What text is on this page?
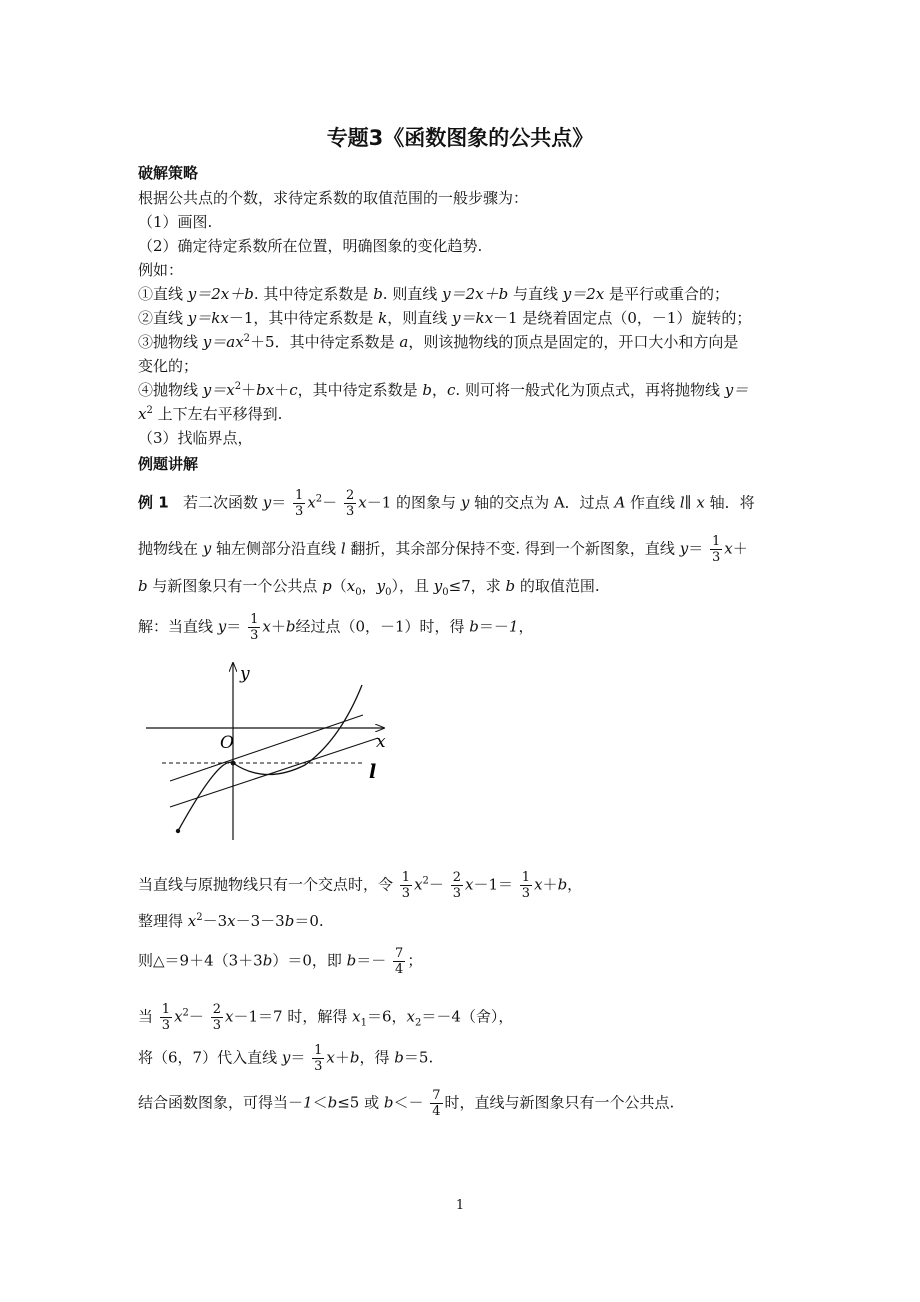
专题3《函数图象的公共点》
破解策略
根据公共点的个数，求待定系数的取值范围的一般步骤为：
（1）画图.
（2）确定待定系数所在位置，明确图象的变化趋势.
例如：
①直线 y＝2x＋b. 其中待定系数是 b. 则直线 y＝2x＋b 与直线 y＝2x 是平行或重合的；
②直线 y＝kx－1，其中待定系数是 k，则直线 y＝kx－1 是绕着固定点（0，－1）旋转的；
③抛物线 $y=ax^2+5$．其中待定系数是 a，则该抛物线的顶点是固定的，开口大小和方向是
变化的；
④抛物线 $y=x^2+bx+c$，其中待定系数是 b，c. 则可将一般式化为顶点式，再将抛物线 y＝
$x^2$ 上下左右平移得到.
（3）找临界点，
例题讲解
例 1 若二次函数 $y= \frac{1}{3} x^2- \frac{2}{3} x-1$ 的图象与 y 轴的交点为 A．过点 A 作直线 l∥ x 轴．将
抛物线在 y 轴左侧部分沿直线 l 翻折，其余部分保持不变. 得到一个新图象，直线 $y= \frac{1}{3} x+$
b 与新图象只有一个公共点 $p(x_0$，$y_0$），且 $y_0\le 7$，求 b 的取值范围.
解：当直线 $y= \frac{1}{3} x+b$经过点（0，－1）时，得 b＝－1，
y
x
O
l
当直线与原抛物线只有一个交点时，令 $\frac{1}{3} x^2- \frac{2}{3} x-1= \frac{1}{3} x+b$，
整理得 $x^2-3x-3-3b=0$.
则△＝9＋4（3＋3b）＝0，即 $b=- \frac{7}{4}$ ；
当 $\frac{1}{3} x^2- \frac{2}{3} x-1=7$ 时，解得 $x_1=6$，$x_2=-4$（舍），
将（6，7）代入直线 $y= \frac{1}{3} x+b$，得 b＝5.
结合函数图象，可得当－1＜b≤5 或 $b<- \frac{7}{4}$ 时，直线与新图象只有一个公共点.
1
